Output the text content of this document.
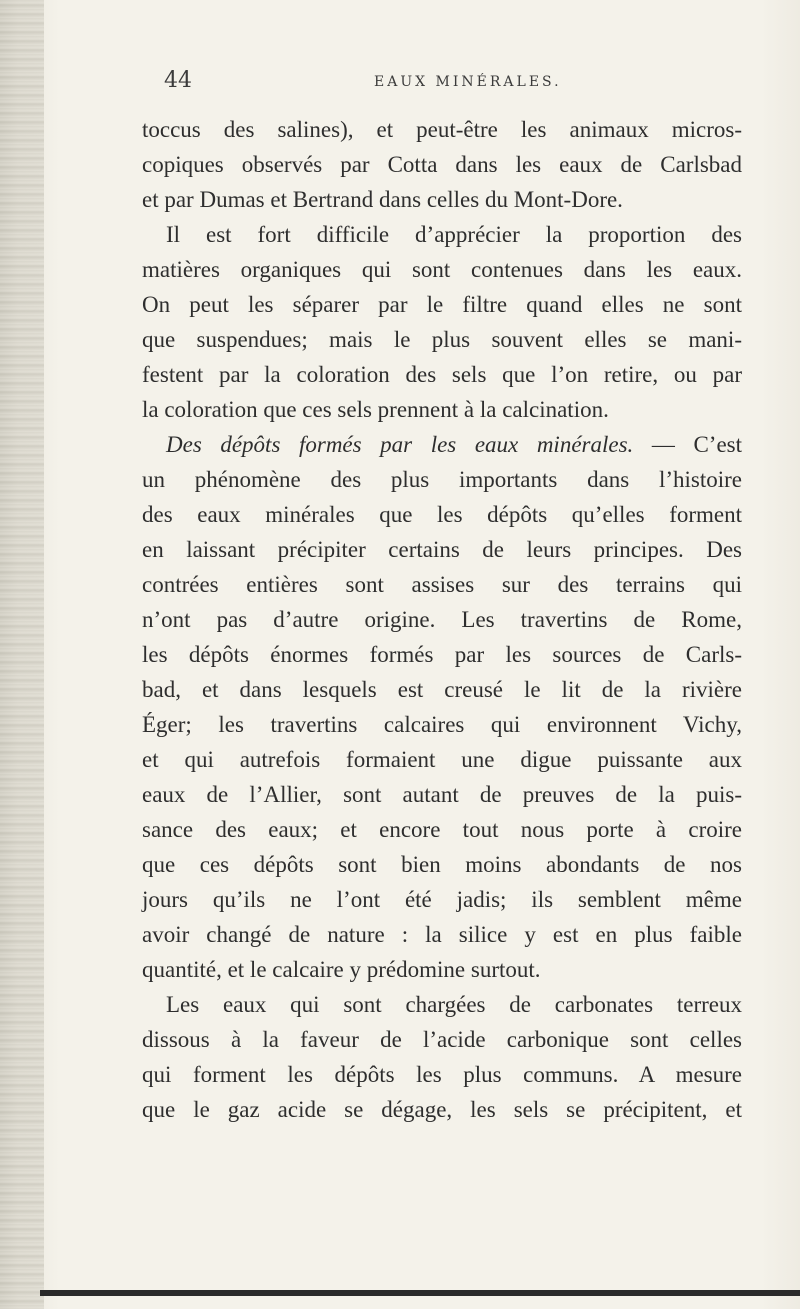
44	EAUX MINÉRALES.
toccus des salines), et peut-être les animaux micros-
copiques observés par Cotta dans les eaux de Carlsbad
et par Dumas et Bertrand dans celles du Mont-Dore.
Il est fort difficile d’apprécier la proportion des
matières organiques qui sont contenues dans les eaux.
On peut les séparer par le filtre quand elles ne sont
que suspendues; mais le plus souvent elles se mani-
festent par la coloration des sels que l’on retire, ou par
la coloration que ces sels prennent à la calcination.
Des dépôts formés par les eaux minérales. — C’est
un phénomène des plus importants dans l’histoire
des eaux minérales que les dépôts qu’elles forment
en laissant précipiter certains de leurs principes. Des
contrées entières sont assises sur des terrains qui
n’ont pas d’autre origine. Les travertins de Rome,
les dépôts énormes formés par les sources de Carls-
bad, et dans lesquels est creusé le lit de la rivière
Éger; les travertins calcaires qui environnent Vichy,
et qui autrefois formaient une digue puissante aux
eaux de l’Allier, sont autant de preuves de la puis-
sance des eaux; et encore tout nous porte à croire
que ces dépôts sont bien moins abondants de nos
jours qu’ils ne l’ont été jadis; ils semblent même
avoir changé de nature : la silice y est en plus faible
quantité, et le calcaire y prédomine surtout.
Les eaux qui sont chargées de carbonates terreux
dissous à la faveur de l’acide carbonique sont celles
qui forment les dépôts les plus communs. A mesure
que le gaz acide se dégage, les sels se précipitent, et
